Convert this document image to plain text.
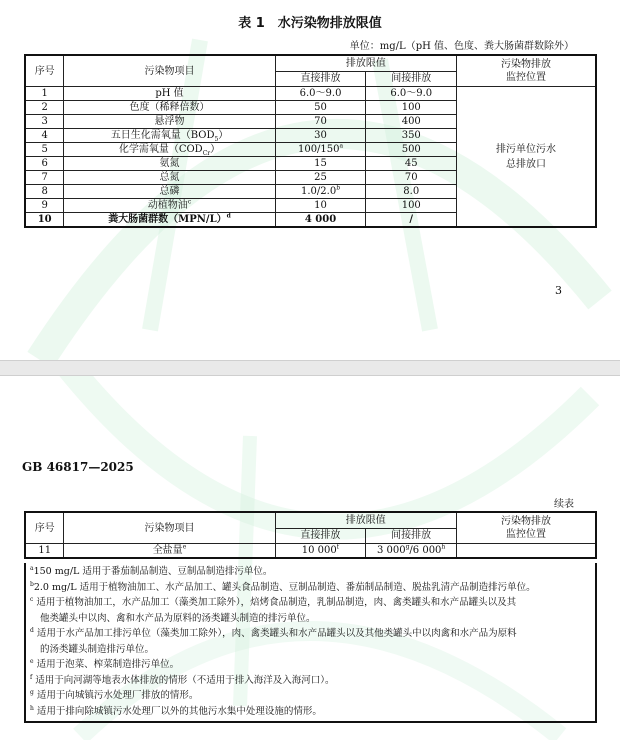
表 1　水污染物排放限值
单位：mg/L（pH 值、色度、粪大肠菌群数除外）
序号	污染物项目	排放限值		污染物排放
监控位置

		直接排放	间接排放	
1	pH 值	6.0～9.0	6.0～9.0	排污单位污水
总排放口

2	色度（稀释倍数）	50	100	
3	悬浮物	70	400	
4	五日生化需氧量$(BOD_5)$	30	350	
5	化学需氧量$(COD_{Cr})$	100/150$^a$	500	
6	氨氮	15	45	
7	总氮	25	70	
8	总磷	1.0/2.0$^b$	8.0	
9	动植物油$^c$	10	100	
10	粪大肠菌群数$(MPN/L)^d$	4 000	/	
3
GB 46817—2025
续表
序号	污染物项目	排放限值		污染物排放
监控位置

		直接排放	间接排放	
11	全盐量$^e$	10 000$^f$	3 000$^g$/6 000$^h$	
$^a$150 mg/L 适用于番茄制品制造、豆制品制造排污单位。
$^b$2.0 mg/L 适用于植物油加工、水产品加工、罐头食品制造、豆制品制造、番茄制品制造、脱盐乳清产品制造排污单位。
$^c$ 适用于植物油加工，水产品加工（藻类加工除外），焙烤食品制造，乳制品制造，肉、禽类罐头和水产品罐头以及其
他类罐头中以肉、禽和水产品为原料的汤类罐头制造的排污单位。
$^d$ 适用于水产品加工排污单位（藻类加工除外），肉、禽类罐头和水产品罐头以及其他类罐头中以肉禽和水产品为原料
的汤类罐头制造排污单位。
$^e$ 适用于泡菜、榨菜制造排污单位。
$^f$ 适用于向河湖等地表水体排放的情形（不适用于排入海洋及入海河口）。
$^g$ 适用于向城镇污水处理厂排放的情形。
$^h$ 适用于排向除城镇污水处理厂以外的其他污水集中处理设施的情形。
